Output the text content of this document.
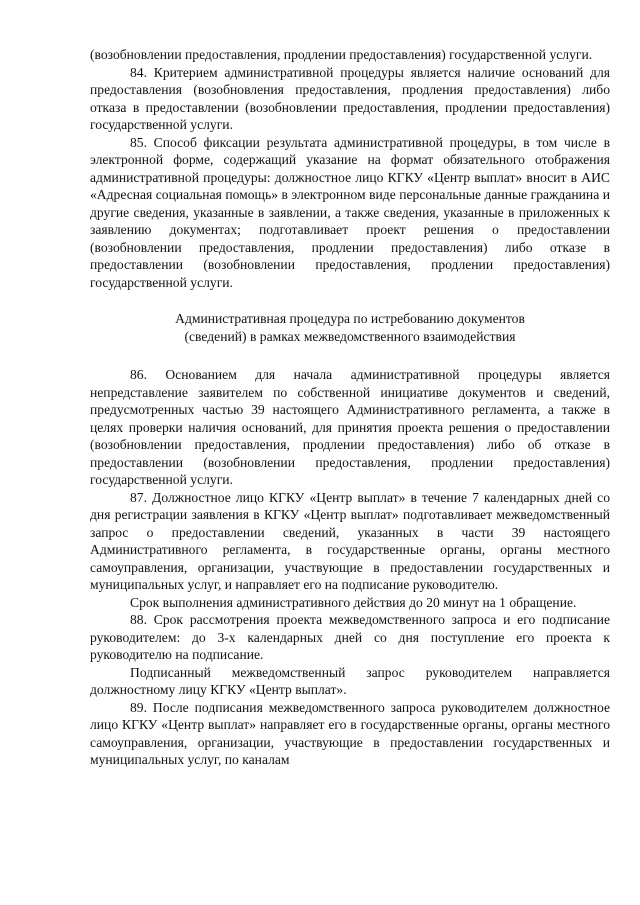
(возобновлении предоставления, продлении предоставления) государственной услуги.

84. Критерием административной процедуры является наличие оснований для предоставления (возобновления предоставления, продления предоставления) либо отказа в предоставлении (возобновлении предоставления, продлении предоставления) государственной услуги.

85. Способ фиксации результата административной процедуры, в том числе в электронной форме, содержащий указание на формат обязательного отображения административной процедуры: должностное лицо КГКУ «Центр выплат» вносит в АИС «Адресная социальная помощь» в электронном виде персональные данные гражданина и другие сведения, указанные в заявлении, а также сведения, указанные в приложенных к заявлению документах; подготавливает проект решения о предоставлении (возобновлении предоставления, продлении предоставления) либо отказе в предоставлении (возобновлении предоставления, продлении предоставления) государственной услуги.

Административная процедура по истребованию документов

(сведений) в рамках межведомственного взаимодействия

86. Основанием для начала административной процедуры является непредставление заявителем по собственной инициативе документов и сведений, предусмотренных частью 39 настоящего Административного регламента, а также в целях проверки наличия оснований, для принятия проекта решения о предоставлении (возобновлении предоставления, продлении предоставления) либо об отказе в предоставлении (возобновлении предоставления, продлении предоставления) государственной услуги.

87. Должностное лицо КГКУ «Центр выплат» в течение 7 календарных дней со дня регистрации заявления в КГКУ «Центр выплат» подготавливает межведомственный запрос о предоставлении сведений, указанных в части 39 настоящего Административного регламента, в государственные органы, органы местного самоуправления, организации, участвующие в предоставлении государственных и муниципальных услуг, и направляет его на подписание руководителю.

Срок выполнения административного действия до 20 минут на 1 обращение.

88. Срок рассмотрения проекта межведомственного запроса и его подписание руководителем: до 3-х календарных дней со дня поступление его проекта к руководителю на подписание.

Подписанный межведомственный запрос руководителем направляется должностному лицу КГКУ «Центр выплат».

89. После подписания межведомственного запроса руководителем должностное лицо КГКУ «Центр выплат» направляет его в государственные органы, органы местного самоуправления, организации, участвующие в предоставлении государственных и муниципальных услуг, по каналам
